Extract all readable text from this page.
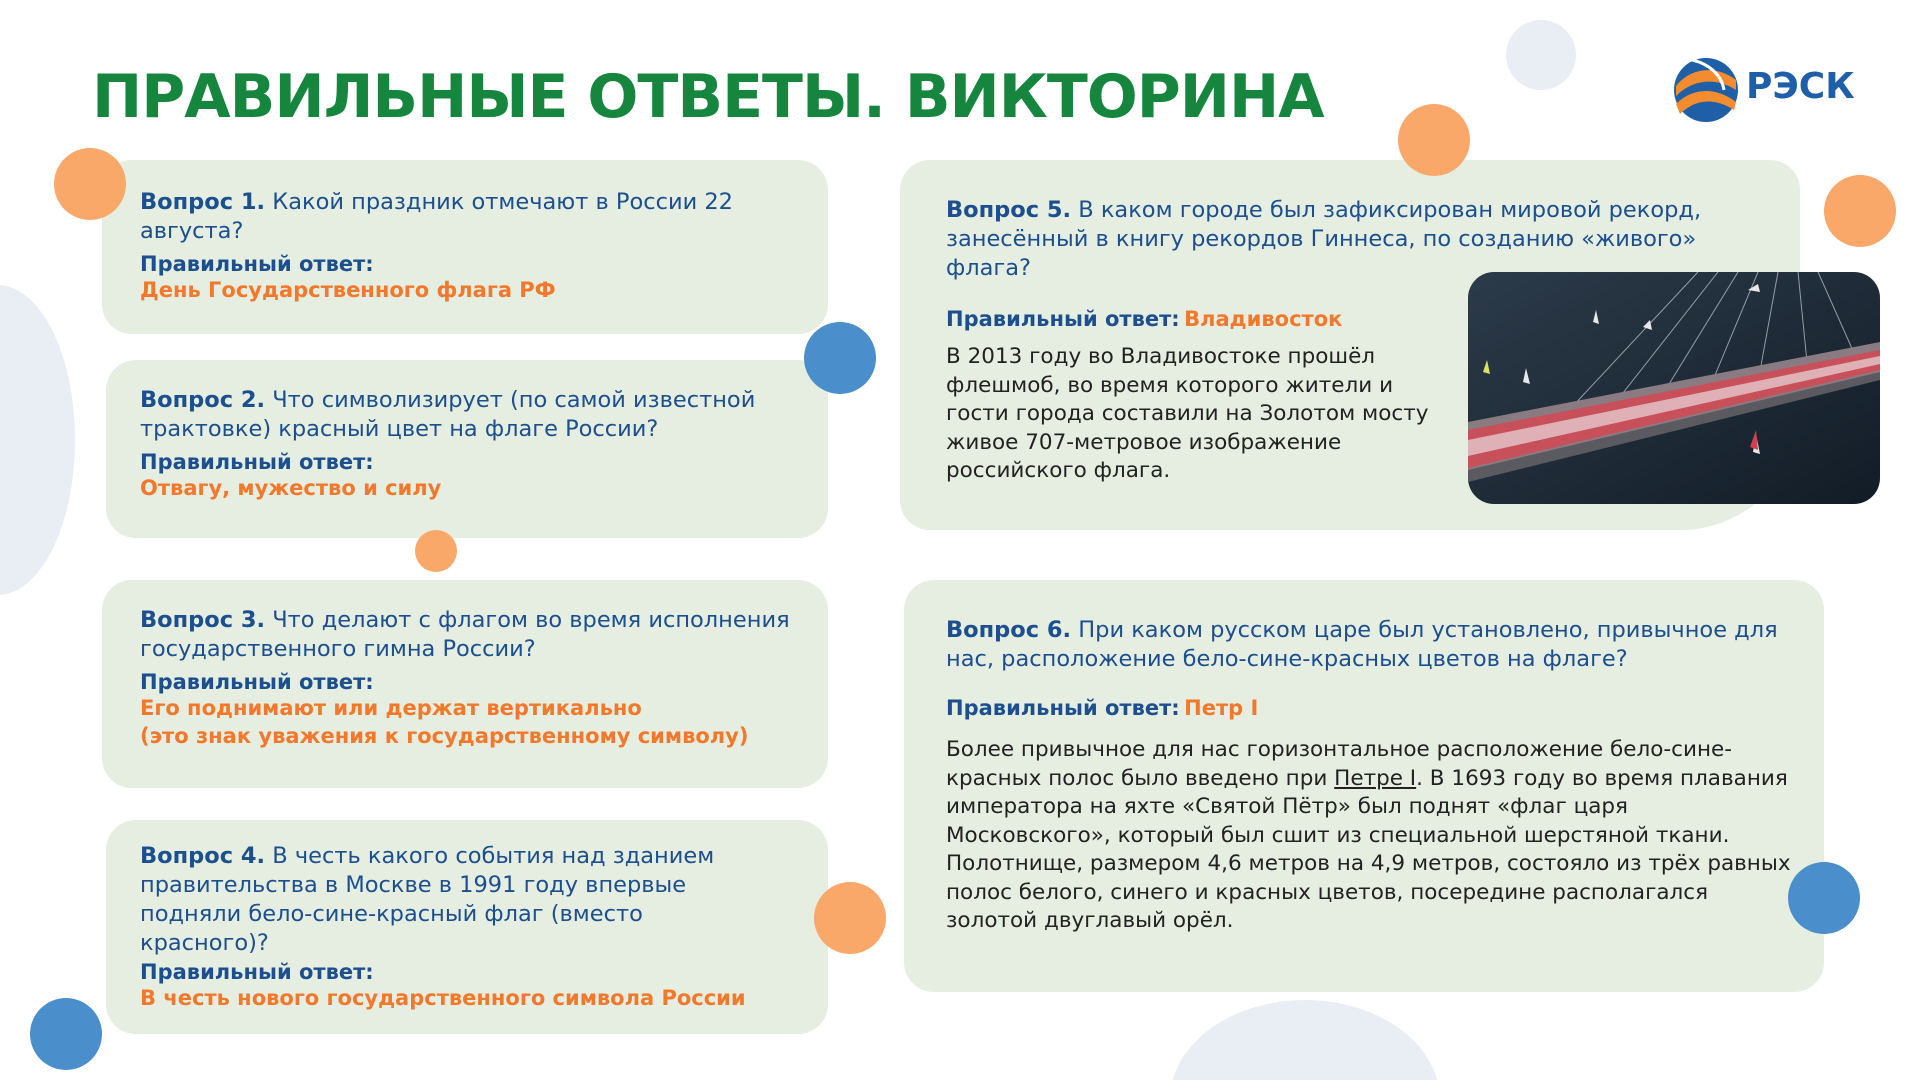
ПРАВИЛЬНЫЕ ОТВЕТЫ. ВИКТОРИНА	РЭСК

Вопрос 1. Какой праздник отмечают в России 22 августа?

Правильный ответ:

День Государственного флага РФ

Вопрос 2. Что символизирует (по самой известной трактовке) красный цвет на флаге России?

Правильный ответ:

Отвагу, мужество и силу

Вопрос 3. Что делают с флагом во время исполнения государственного гимна России?

Правильный ответ:

Его поднимают или держат вертикально

(это знак уважения к государственному символу)

Вопрос 4. В честь какого события над зданием правительства в Москве в 1991 году впервые подняли бело-сине-красный флаг (вместо красного)?

Правильный ответ:

В честь нового государственного символа России

Вопрос 5. В каком городе был зафиксирован мировой рекорд, занесённый в книгу рекордов Гиннеса, по созданию «живого» флага?

Правильный ответ: Владивосток

В 2013 году во Владивостоке прошёл флешмоб, во время которого жители и гости города составили на Золотом мосту живое 707-метровое изображение российского флага.

Вопрос 6. При каком русском царе был установлено, привычное для нас, расположение бело-сине-красных цветов на флаге?

Правильный ответ: Петр I

Более привычное для нас горизонтальное расположение бело-сине-красных полос было введено при Петре I. В 1693 году во время плавания императора на яхте «Святой Пётр» был поднят «флаг царя Московского», который был сшит из специальной шерстяной ткани. Полотнище, размером 4,6 метров на 4,9 метров, состояло из трёх равных полос белого, синего и красных цветов, посередине располагался золотой двуглавый орёл.
